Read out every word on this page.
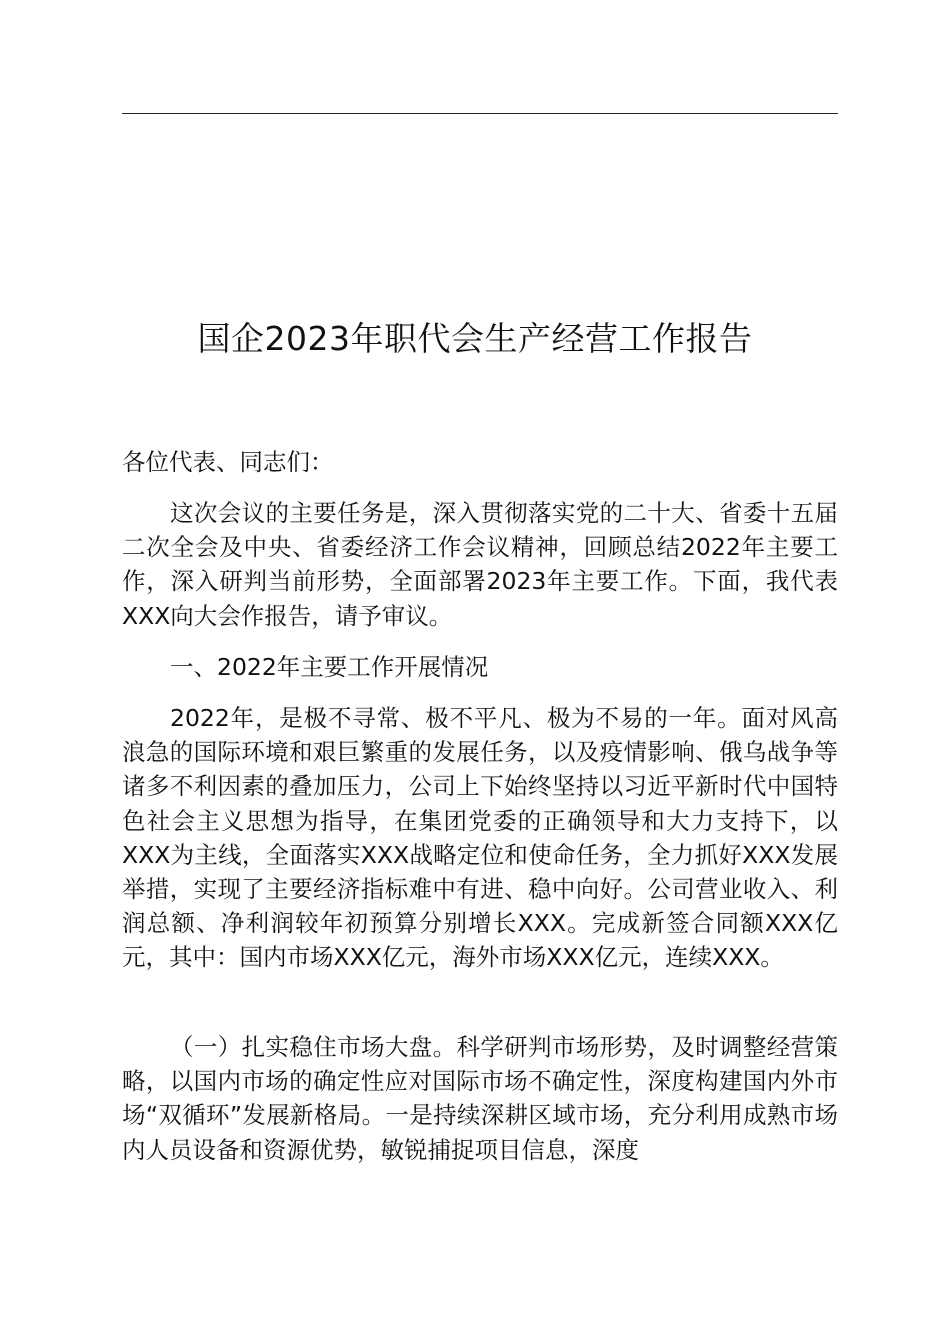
国企2023年职代会生产经营工作报告

各位代表、同志们：

这次会议的主要任务是，深入贯彻落实党的二十大、省委十五届二次全会及中央、省委经济工作会议精神，回顾总结2022年主要工作，深入研判当前形势，全面部署2023年主要工作。下面，我代表XXX向大会作报告，请予审议。

一、2022年主要工作开展情况

2022年，是极不寻常、极不平凡、极为不易的一年。面对风高浪急的国际环境和艰巨繁重的发展任务，以及疫情影响、俄乌战争等诸多不利因素的叠加压力，公司上下始终坚持以习近平新时代中国特色社会主义思想为指导，在集团党委的正确领导和大力支持下，以XXX为主线，全面落实XXX战略定位和使命任务，全力抓好XXX发展举措，实现了主要经济指标难中有进、稳中向好。公司营业收入、利润总额、净利润较年初预算分别增长XXX。完成新签合同额XXX亿元，其中：国内市场XXX亿元，海外市场XXX亿元，连续XXX。

（一）扎实稳住市场大盘。科学研判市场形势，及时调整经营策略，以国内市场的确定性应对国际市场不确定性，深度构建国内外市场“双循环”发展新格局。一是持续深耕区域市场，充分利用成熟市场内人员设备和资源优势，敏锐捕捉项目信息，深度
